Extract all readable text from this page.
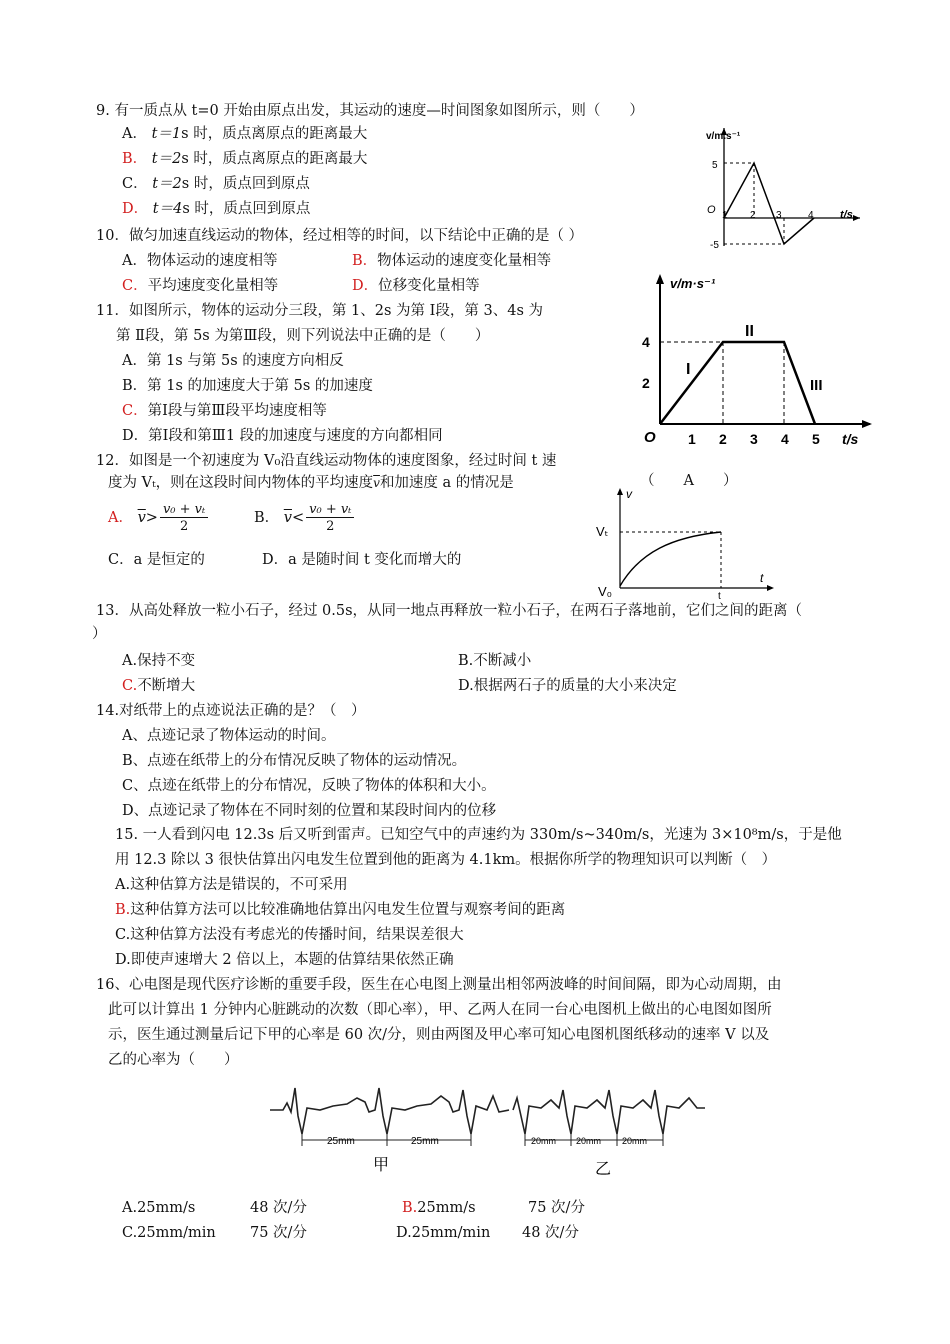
9. 有一质点从 t=0 开始由原点出发，其运动的速度—时间图象如图所示，则（　　）
A． t＝1s 时，质点离原点的距离最大
B． t＝2s 时，质点离原点的距离最大
C． t＝2s 时，质点回到原点
D． t＝4s 时，质点回到原点
v/m.s⁻¹
t/s
O
5
-5
1 2 3	4
10．做匀加速直线运动的物体，经过相等的时间，以下结论中正确的是（ ）
A．物体运动的速度相等	B．物体运动的速度变化量相等
C．平均速度变化量相等	D．位移变化量相等
11．如图所示，物体的运动分三段，第 1、2s 为第 Ⅰ段，第 3、4s 为
第 Ⅱ段，第 5s 为第Ⅲ段，则下列说法中正确的是（　　）
A．第 1s 与第 5s 的速度方向相反
B．第 1s 的加速度大于第 5s 的加速度
C．第Ⅰ段与第Ⅲ段平均速度相等
D．第Ⅰ段和第Ⅲ1 段的加速度与速度的方向都相同
v/m·s⁻¹
t/s
O
2
4
1 2 3 4 5
I
II
III
12．如图是一个初速度为 V₀沿直线运动物体的速度图象，经过时间 t 速
度为 Vₜ，则在这段时间内物体的平均速度$\overline{v}$和加速度 a 的情况是	（　　A　　）
A． $\overline{v}> \frac{\text{v₀ + vₜ}}{2}$	B． $\overline{v}< \frac{\text{v₀ + vₜ}}{2}$
C．a 是恒定的	D．a 是随时间 t 变化而增大的
v
t
Vₜ
V₀	t
13．从高处释放一粒小石子，经过 0.5s，从同一地点再释放一粒小石子，在两石子落地前，它们之间的距离（
）
A.保持不变	B.不断减小
C.不断增大	D.根据两石子的质量的大小来决定
14.对纸带上的点迹说法正确的是？（　）
A、点迹记录了物体运动的时间。
B、点迹在纸带上的分布情况反映了物体的运动情况。
C、点迹在纸带上的分布情况，反映了物体的体积和大小。
D、点迹记录了物体在不同时刻的位置和某段时间内的位移
15. 一人看到闪电 12.3s 后又听到雷声。已知空气中的声速约为 330m/s~340m/s，光速为 3×10⁸m/s，于是他
用 12.3 除以 3 很快估算出闪电发生位置到他的距离为 4.1km。根据你所学的物理知识可以判断（　）
A.这种估算方法是错误的，不可采用
B.这种估算方法可以比较准确地估算出闪电发生位置与观察考间的距离
C.这种估算方法没有考虑光的传播时间，结果误差很大
D.即使声速增大 2 倍以上，本题的估算结果依然正确
16、心电图是现代医疗诊断的重要手段，医生在心电图上测量出相邻两波峰的时间间隔，即为心动周期，由
此可以计算出 1 分钟内心脏跳动的次数（即心率），甲、乙两人在同一台心电图机上做出的心电图如图所
示，医生通过测量后记下甲的心率是 60 次/分，则由两图及甲心率可知心电图机图纸移动的速率 V 以及
乙的心率为（　　）
25mm	25mm
甲
20mm 20mm 20mm
乙
A.25mm/s	48 次/分	B.25mm/s	75 次/分
C.25mm/min 75 次/分	D.25mm/min 48 次/分
